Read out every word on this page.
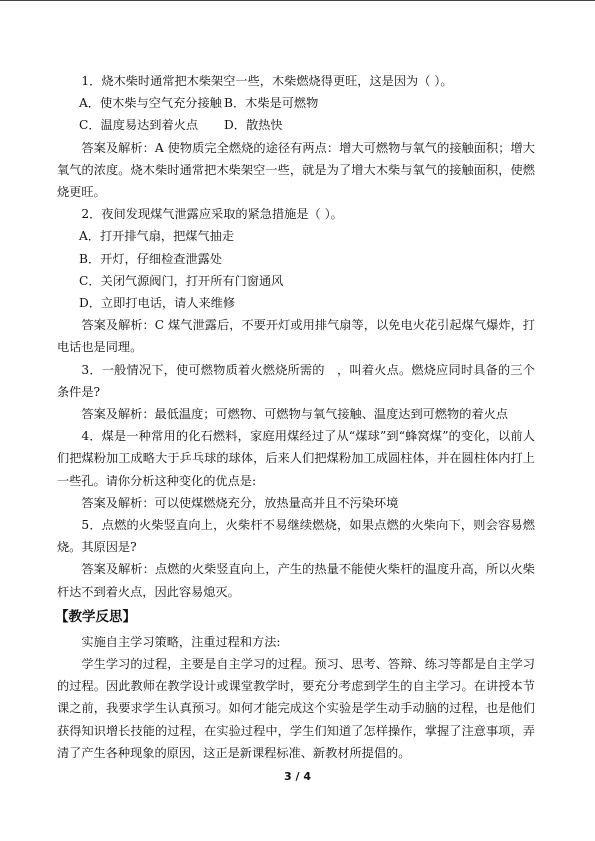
1．烧木柴时通常把木柴架空一些，木柴燃烧得更旺，这是因为（ ）。

A．使木柴与空气充分接触 B．木柴是可燃物
C．温度易达到着火点	D．散热快

答案及解析：A 使物质完全燃烧的途径有两点：增大可燃物与氧气的接触面积；增大氧气的浓度。烧木柴时通常把木柴架空一些，就是为了增大木柴与氧气的接触面积，使燃烧更旺。

2．夜间发现煤气泄露应采取的紧急措施是（ ）。

A．打开排气扇，把煤气抽走

B．开灯，仔细检查泄露处

C．关闭气源阀门，打开所有门窗通风

D．立即打电话，请人来维修

答案及解析：C 煤气泄露后，不要开灯或用排气扇等，以免电火花引起煤气爆炸，打电话也是同理。

3．一般情况下，使可燃物质着火燃烧所需的　，叫着火点。燃烧应同时具备的三个条件是?

答案及解析：最低温度；可燃物、可燃物与氧气接触、温度达到可燃物的着火点

4．煤是一种常用的化石燃料，家庭用煤经过了从“煤球”到“蜂窝煤”的变化，以前人们把煤粉加工成略大于乒乓球的球体，后来人们把煤粉加工成圆柱体，并在圆柱体内打上一些孔。请你分析这种变化的优点是:

答案及解析：可以使煤燃烧充分，放热量高并且不污染环境

5．点燃的火柴竖直向上，火柴杆不易继续燃烧，如果点燃的火柴向下，则会容易燃烧。其原因是?

答案及解析：点燃的火柴竖直向上，产生的热量不能使火柴杆的温度升高，所以火柴杆达不到着火点，因此容易熄灭。

【教学反思】

实施自主学习策略，注重过程和方法:

学生学习的过程，主要是自主学习的过程。预习、思考、答辩、练习等都是自主学习的过程。因此教师在教学设计或课堂教学时，要充分考虑到学生的自主学习。在讲授本节课之前，我要求学生认真预习。如何才能完成这个实验是学生动手动脑的过程，也是他们获得知识增长技能的过程，在实验过程中，学生们知道了怎样操作，掌握了注意事项，弄清了产生各种现象的原因，这正是新课程标准、新教材所提倡的。

3 / 4
